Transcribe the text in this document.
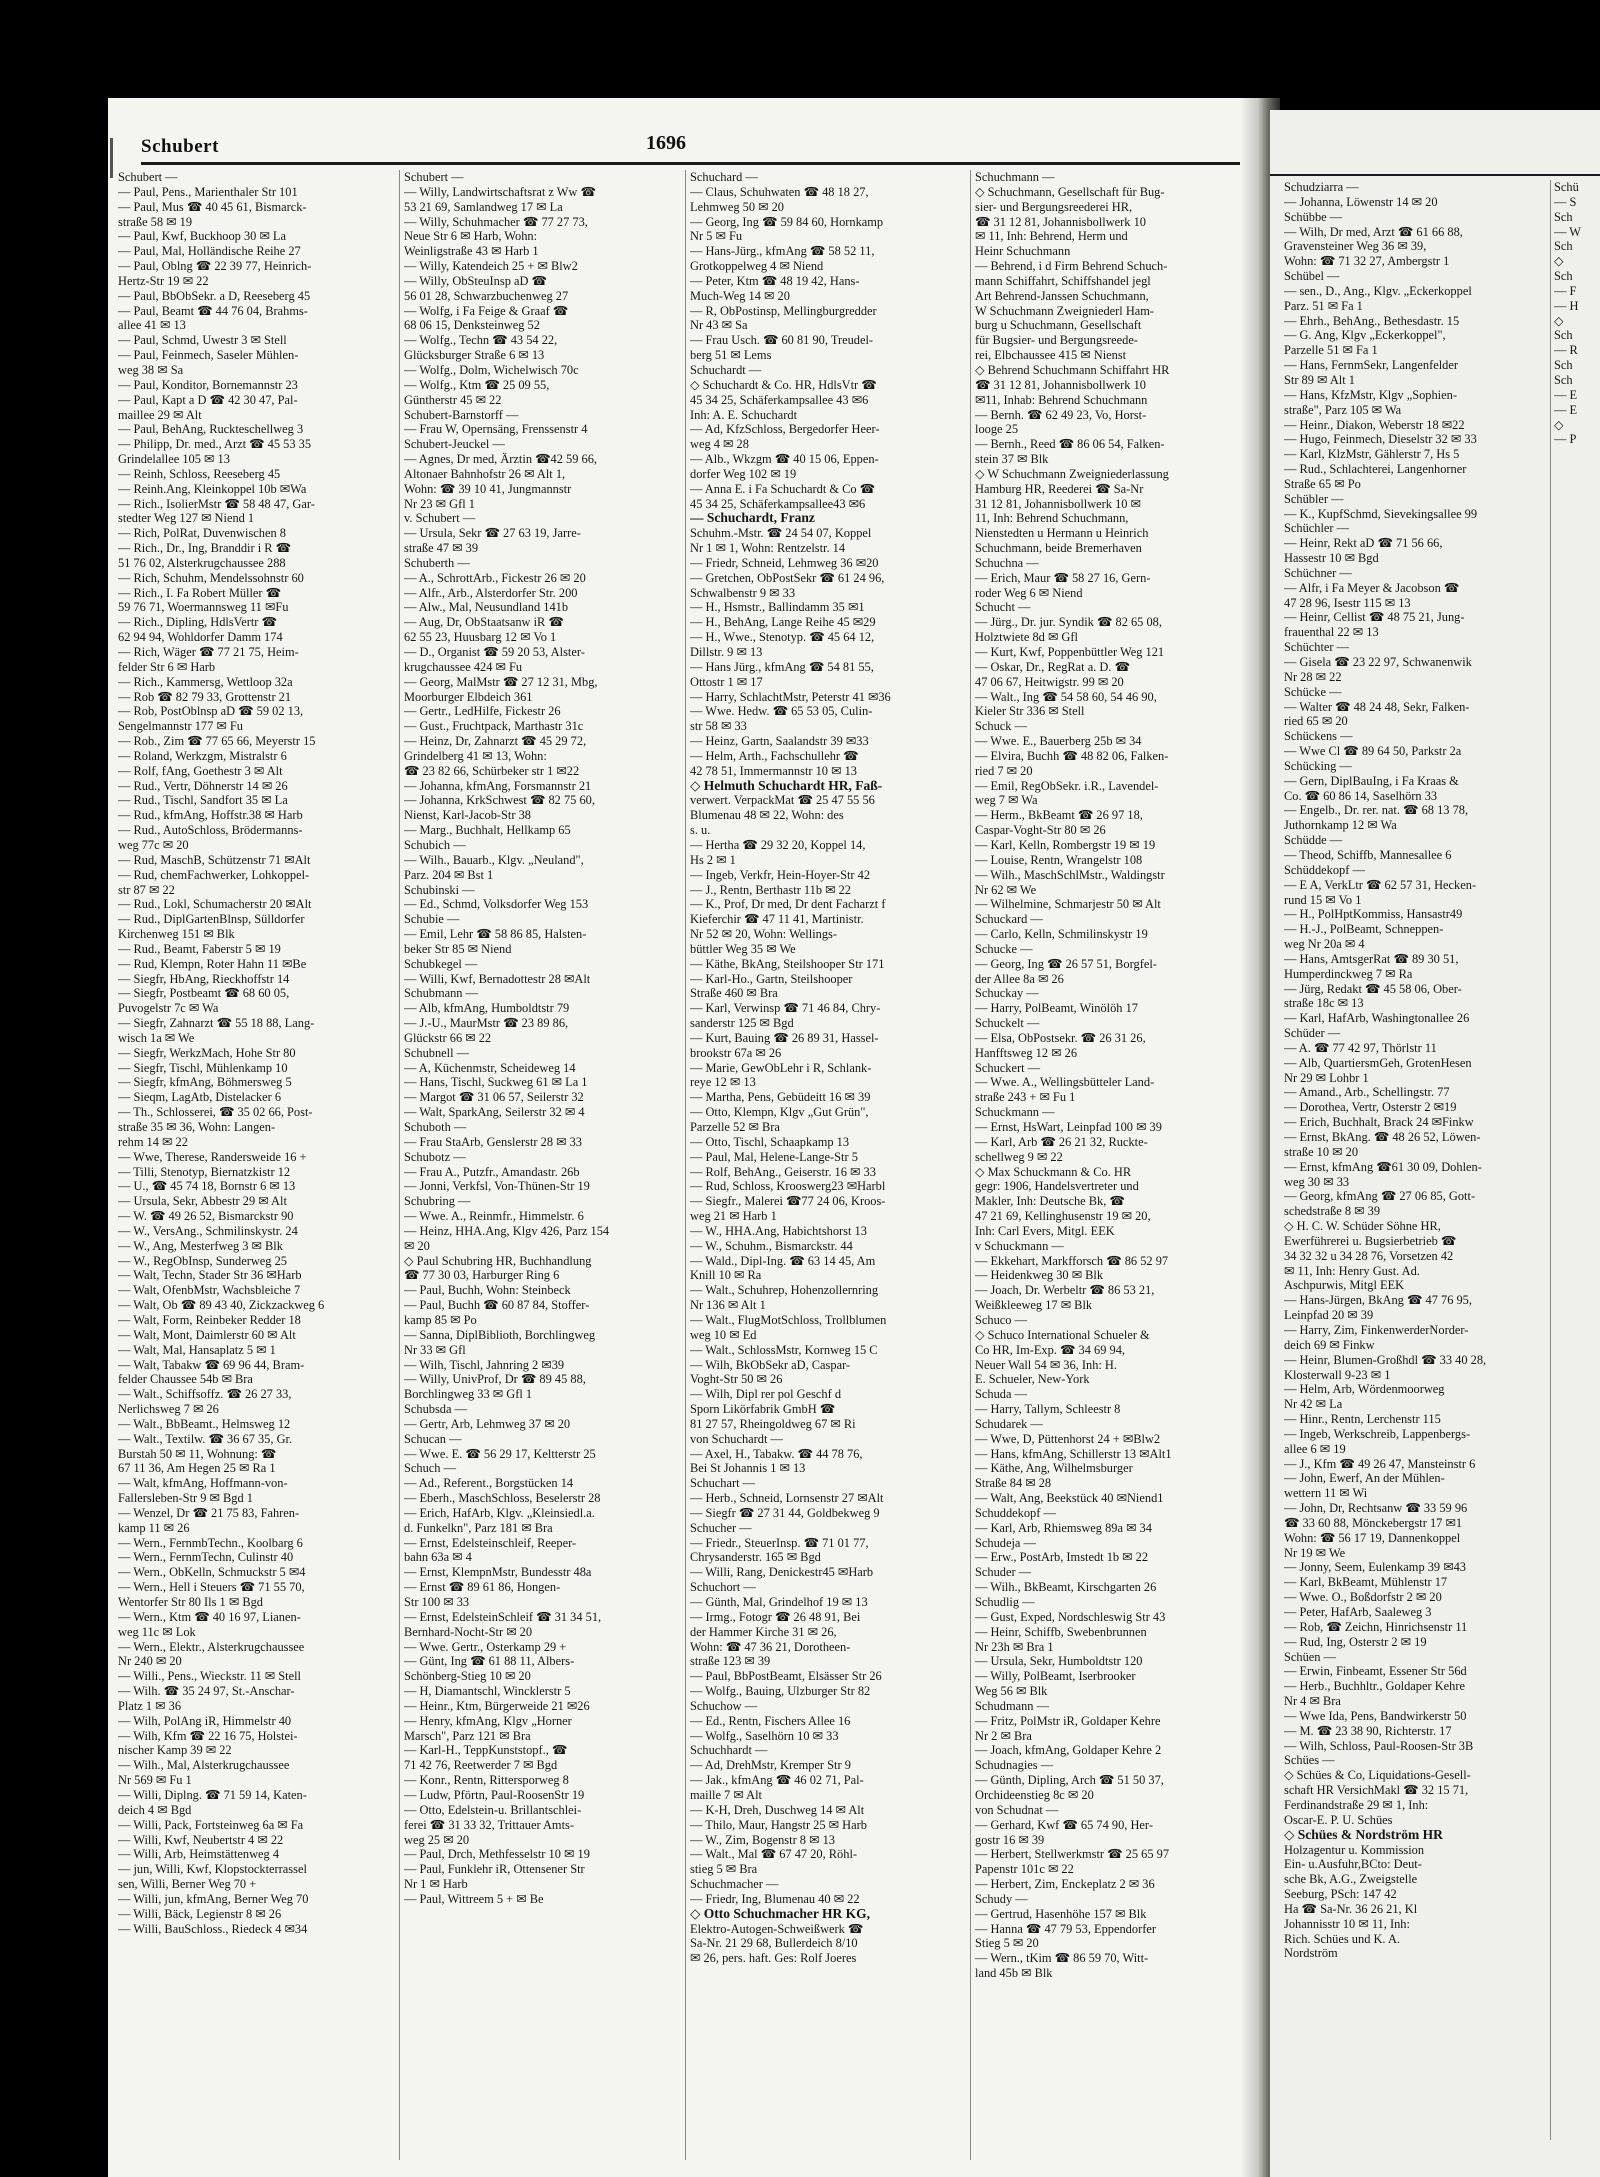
Schubert	1696
Schubert —
— Paul, Pens., Marienthaler Str 101
— Paul, Mus ☎ 40 45 61, Bismarck-
straße 58 ✉ 19
— Paul, Kwf, Buckhoop 30 ✉ La
— Paul, Mal, Holländische Reihe 27
— Paul, Oblng ☎ 22 39 77, Heinrich-
Hertz-Str 19 ✉ 22
— Paul, BbObSekr. a D, Reeseberg 45
— Paul, Beamt ☎ 44 76 04, Brahms-
allee 41 ✉ 13
— Paul, Schmd, Uwestr 3 ✉ Stell
— Paul, Feinmech, Saseler Mühlen-
weg 38 ✉ Sa
— Paul, Konditor, Bornemannstr 23
— Paul, Kapt a D ☎ 42 30 47, Pal-
maillee 29 ✉ Alt
— Paul, BehAng, Ruckteschellweg 3
— Philipp, Dr. med., Arzt ☎ 45 53 35
Grindelallee 105 ✉ 13
— Reinh, Schloss, Reeseberg 45
— Reinh.Ang, Kleinkoppel 10b ✉Wa
— Rich., IsolierMstr ☎ 58 48 47, Gar-
stedter Weg 127 ✉ Niend 1
— Rich, PolRat, Duvenwischen 8
— Rich., Dr., Ing, Branddir i R ☎
51 76 02, Alsterkrugchaussee 288
— Rich, Schuhm, Mendelssohnstr 60
— Rich., I. Fa Robert Müller ☎
59 76 71, Woermannsweg 11 ✉Fu
— Rich., Dipling, HdlsVertr ☎
62 94 94, Wohldorfer Damm 174
— Rich, Wäger ☎ 77 21 75, Heim-
felder Str 6 ✉ Harb
— Rich., Kammersg, Wettloop 32a
— Rob ☎ 82 79 33, Grottenstr 21
— Rob, PostOblnsp aD ☎ 59 02 13,
Sengelmannstr 177 ✉ Fu
— Rob., Zim ☎ 77 65 66, Meyerstr 15
— Roland, Werkzgm, Mistralstr 6
— Rolf, fAng, Goethestr 3 ✉ Alt
— Rud., Vertr, Döhnerstr 14 ✉ 26
— Rud., Tischl, Sandfort 35 ✉ La
— Rud., kfmAng, Hoffstr.38 ✉ Harb
— Rud., AutoSchloss, Brödermanns-
weg 77c ✉ 20
— Rud, MaschB, Schützenstr 71 ✉Alt
— Rud, chemFachwerker, Lohkoppel-
str 87 ✉ 22
— Rud., Lokl, Schumacherstr 20 ✉Alt
— Rud., DiplGartenBlnsp, Sülldorfer
Kirchenweg 151 ✉ Blk
— Rud., Beamt, Faberstr 5 ✉ 19
— Rud, Klempn, Roter Hahn 11 ✉Be
— Siegfr, HbAng, Rieckhoffstr 14
— Siegfr, Postbeamt ☎ 68 60 05,
Puvogelstr 7c ✉ Wa
— Siegfr, Zahnarzt ☎ 55 18 88, Lang-
wisch 1a ✉ We
— Siegfr, WerkzMach, Hohe Str 80
— Siegfr, Tischl, Mühlenkamp 10
— Siegfr, kfmAng, Böhmersweg 5
— Sieqm, LagAtb, Distelacker 6
— Th., Schlosserei, ☎ 35 02 66, Post-
straße 35 ✉ 36, Wohn: Langen-
rehm 14 ✉ 22
— Wwe, Therese, Randersweide 16 +
— Tilli, Stenotyp, Biernatzkistr 12
— U., ☎ 45 74 18, Bornstr 6 ✉ 13
— Ursula, Sekr, Abbestr 29 ✉ Alt
— W. ☎ 49 26 52, Bismarckstr 90
— W., VersAng., Schmilinskystr. 24
— W., Ang, Mesterfweg 3 ✉ Blk
— W., RegObInsp, Sunderweg 25
— Walt, Techn, Stader Str 36 ✉Harb
— Walt, OfenbMstr, Wachsbleiche 7
— Walt, Ob ☎ 89 43 40, Zickzackweg 6
— Walt, Form, Reinbeker Redder 18
— Walt, Mont, Daimlerstr 60 ✉ Alt
— Walt, Mal, Hansaplatz 5 ✉ 1
— Walt, Tabakw ☎ 69 96 44, Bram-
felder Chaussee 54b ✉ Bra
— Walt., Schiffsoffz. ☎ 26 27 33,
Nerlichsweg 7 ✉ 26
— Walt., BbBeamt., Helmsweg 12
— Walt., Textilw. ☎ 36 67 35, Gr.
Burstah 50 ✉ 11, Wohnung: ☎
67 11 36, Am Hegen 25 ✉ Ra 1
— Walt, kfmAng, Hoffmann-von-
Fallersleben-Str 9 ✉ Bgd 1
— Wenzel, Dr ☎ 21 75 83, Fahren-
kamp 11 ✉ 26
— Wern., FernmbTechn., Koolbarg 6
— Wern., FernmTechn, Culinstr 40
— Wern., ObKelln, Schmuckstr 5 ✉4
— Wern., Hell i Steuers ☎ 71 55 70,
Wentorfer Str 80 Ils 1 ✉ Bgd
— Wern., Ktm ☎ 40 16 97, Lianen-
weg 11c ✉ Lok
— Wern., Elektr., Alsterkrugchaussee
Nr 240 ✉ 20
— Willi., Pens., Wieckstr. 11 ✉ Stell
— Wilh. ☎ 35 24 97, St.-Anschar-
Platz 1 ✉ 36
— Wilh, PolAng iR, Himmelstr 40
— Wilh, Kfm ☎ 22 16 75, Holstei-
nischer Kamp 39 ✉ 22
— Wilh., Mal, Alsterkrugchaussee
Nr 569 ✉ Fu 1
— Willi, Diplng. ☎ 71 59 14, Katen-
deich 4 ✉ Bgd
— Willi, Pack, Fortsteinweg 6a ✉ Fa
— Willi, Kwf, Neubertstr 4 ✉ 22
— Willi, Arb, Heimstättenweg 4
— jun, Willi, Kwf, Klopstockterrassel
sen, Willi, Berner Weg 70 +
— Willi, jun, kfmAng, Berner Weg 70
— Willi, Bäck, Legienstr 8 ✉ 26
— Willi, BauSchloss., Riedeck 4 ✉34
Schubert —
— Willy, Landwirtschaftsrat z Ww ☎
53 21 69, Samlandweg 17 ✉ La
— Willy, Schuhmacher ☎ 77 27 73,
Neue Str 6 ✉ Harb, Wohn:
Weinligstraße 43 ✉ Harb 1
— Willy, Katendeich 25 + ✉ Blw2
— Willy, ObSteuInsp aD ☎
56 01 28, Schwarzbuchenweg 27
— Wolfg, i Fa Feige & Graaf ☎
68 06 15, Denksteinweg 52
— Wolfg., Techn ☎ 43 54 22,
Glücksburger Straße 6 ✉ 13
— Wolfg., Dolm, Wichelwisch 70c
— Wolfg., Ktm ☎ 25 09 55,
Güntherstr 45 ✉ 22
Schubert-Barnstorff —
— Frau W, Opernsäng, Frenssenstr 4
Schubert-Jeuckel —
— Agnes, Dr med, Ärztin ☎42 59 66,
Altonaer Bahnhofstr 26 ✉ Alt 1,
Wohn: ☎ 39 10 41, Jungmannstr
Nr 23 ✉ Gfl 1
v. Schubert —
— Ursula, Sekr ☎ 27 63 19, Jarre-
straße 47 ✉ 39
Schuberth —
— A., SchrottArb., Fickestr 26 ✉ 20
— Alfr., Arb., Alsterdorfer Str. 200
— Alw., Mal, Neusundland 141b
— Aug, Dr, ObStaatsanw iR ☎
62 55 23, Huusbarg 12 ✉ Vo 1
— D., Organist ☎ 59 20 53, Alster-
krugchaussee 424 ✉ Fu
— Georg, MalMstr ☎ 27 12 31, Mbg,
Moorburger Elbdeich 361
— Gertr., LedHilfe, Fickestr 26
— Gust., Fruchtpack, Marthastr 31c
— Heinz, Dr, Zahnarzt ☎ 45 29 72,
Grindelberg 41 ✉ 13, Wohn:
☎ 23 82 66, Schürbeker str 1 ✉22
— Johanna, kfmAng, Forsmannstr 21
— Johanna, KrkSchwest ☎ 82 75 60,
Nienst, Karl-Jacob-Str 38
— Marg., Buchhalt, Hellkamp 65
Schubich —
— Wilh., Bauarb., Klgv. „Neuland",
Parz. 204 ✉ Bst 1
Schubinski —
— Ed., Schmd, Volksdorfer Weg 153
Schubie —
— Emil, Lehr ☎ 58 86 85, Halsten-
beker Str 85 ✉ Niend
Schubkegel —
— Willi, Kwf, Bernadottestr 28 ✉Alt
Schubmann —
— Alb, kfmAng, Humboldtstr 79
— J.-U., MaurMstr ☎ 23 89 86,
Glückstr 66 ✉ 22
Schubnell —
— A, Küchenmstr, Scheideweg 14
— Hans, Tischl, Suckweg 61 ✉ La 1
— Margot ☎ 31 06 57, Seilerstr 32
— Walt, SparkAng, Seilerstr 32 ✉ 4
Schuboth —
— Frau StaArb, Genslerstr 28 ✉ 33
Schubotz —
— Frau A., Putzfr., Amandastr. 26b
— Jonni, Verkfsl, Von-Thünen-Str 19
Schubring —
— Wwe. A., Reinmfr., Himmelstr. 6
— Heinz, HHA.Ang, Klgv 426, Parz 154
✉ 20
◇ Paul Schubring HR, Buchhandlung
☎ 77 30 03, Harburger Ring 6
— Paul, Buchh, Wohn: Steinbeck
— Paul, Buchh ☎ 60 87 84, Stoffer-
kamp 85 ✉ Po
— Sanna, DiplBiblioth, Borchlingweg
Nr 33 ✉ Gfl
— Wilh, Tischl, Jahnring 2 ✉39
— Willy, UnivProf, Dr ☎ 89 45 88,
Borchlingweg 33 ✉ Gfl 1
Schubsda —
— Gertr, Arb, Lehmweg 37 ✉ 20
Schucan —
— Wwe. E. ☎ 56 29 17, Keltterstr 25
Schuch —
— Ad., Referent., Borgstücken 14
— Eberh., MaschSchloss, Beselerstr 28
— Erich, HafArb, Klgv. „Kleinsiedl.a.
d. Funkelkn", Parz 181 ✉ Bra
— Ernst, Edelsteinschleif, Reeper-
bahn 63a ✉ 4
— Ernst, KlempnMstr, Bundesstr 48a
— Ernst ☎ 89 61 86, Hongen-
Str 100 ✉ 33
— Ernst, EdelsteinSchleif ☎ 31 34 51,
Bernhard-Nocht-Str ✉ 20
— Wwe. Gertr., Osterkamp 29 +
— Günt, Ing ☎ 61 88 11, Albers-
Schönberg-Stieg 10 ✉ 20
— H, Diamantschl, Wincklerstr 5
— Heinr., Ktm, Bürgerweide 21 ✉26
— Henry, kfmAng, Klgv „Horner
Marsch", Parz 121 ✉ Bra
— Karl-H., TeppKunststopf., ☎
71 42 76, Reetwerder 7 ✉ Bgd
— Konr., Rentn, Rittersporweg 8
— Ludw, Pförtn, Paul-RoosenStr 19
— Otto, Edelstein-u. Brillantschlei-
ferei ☎ 31 33 32, Trittauer Amts-
weg 25 ✉ 20
— Paul, Drch, Methfesselstr 10 ✉ 19
— Paul, Funklehr iR, Ottensener Str
Nr 1 ✉ Harb
— Paul, Wittreem 5 + ✉ Be
Schuchard —
— Claus, Schuhwaten ☎ 48 18 27,
Lehmweg 50 ✉ 20
— Georg, Ing ☎ 59 84 60, Hornkamp
Nr 5 ✉ Fu
— Hans-Jürg., kfmAng ☎ 58 52 11,
Grotkoppelweg 4 ✉ Niend
— Peter, Ktm ☎ 48 19 42, Hans-
Much-Weg 14 ✉ 20
— R, ObPostinsp, Mellingburgredder
Nr 43 ✉ Sa
— Frau Usch. ☎ 60 81 90, Treudel-
berg 51 ✉ Lems
Schuchardt —
◇ Schuchardt & Co. HR, HdlsVtr ☎
45 34 25, Schäferkampsallee 43 ✉6
Inh: A. E. Schuchardt
— Ad, KfzSchloss, Bergedorfer Heer-
weg 4 ✉ 28
— Alb., Wkzgm ☎ 40 15 06, Eppen-
dorfer Weg 102 ✉ 19
— Anna E. i Fa Schuchardt & Co ☎
45 34 25, Schäferkampsallee43 ✉6
— Schuchardt, Franz
Schuhm.-Mstr. ☎ 24 54 07, Koppel
Nr 1 ✉ 1, Wohn: Rentzelstr. 14
— Friedr, Schneid, Lehmweg 36 ✉20
— Gretchen, ObPostSekr ☎ 61 24 96,
Schwalbenstr 9 ✉ 33
— H., Hsmstr., Ballindamm 35 ✉1
— H., BehAng, Lange Reihe 45 ✉29
— H., Wwe., Stenotyp. ☎ 45 64 12,
Dillstr. 9 ✉ 13
— Hans Jürg., kfmAng ☎ 54 81 55,
Ottostr 1 ✉ 17
— Harry, SchlachtMstr, Peterstr 41 ✉36
— Wwe. Hedw. ☎ 65 53 05, Culin-
str 58 ✉ 33
— Heinz, Gartn, Saalandstr 39 ✉33
— Helm, Arth., Fachschullehr ☎
42 78 51, Immermannstr 10 ✉ 13
◇ Helmuth Schuchardt HR, Faß-
verwert. VerpackMat ☎ 25 47 55 56
Blumenau 48 ✉ 22, Wohn: des
s. u.
— Hertha ☎ 29 32 20, Koppel 14,
Hs 2 ✉ 1
— Ingeb, Verkfr, Hein-Hoyer-Str 42
— J., Rentn, Berthastr 11b ✉ 22
— K., Prof, Dr med, Dr dent Facharzt f
Kieferchir ☎ 47 11 41, Martinistr.
Nr 52 ✉ 20, Wohn: Wellings-
büttler Weg 35 ✉ We
— Käthe, BkAng, Steilshooper Str 171
— Karl-Ho., Gartn, Steilshooper
Straße 460 ✉ Bra
— Karl, Verwinsp ☎ 71 46 84, Chry-
sanderstr 125 ✉ Bgd
— Kurt, Bauing ☎ 26 89 31, Hassel-
brookstr 67a ✉ 26
— Marie, GewObLehr i R, Schlank-
reye 12 ✉ 13
— Martha, Pens, Gebüdeitt 16 ✉ 39
— Otto, Klempn, Klgv „Gut Grün",
Parzelle 52 ✉ Bra
— Otto, Tischl, Schaapkamp 13
— Paul, Mal, Helene-Lange-Str 5
— Rolf, BehAng., Geiserstr. 16 ✉ 33
— Rud, Schloss, Krooswerg23 ✉Harbl
— Siegfr., Malerei ☎77 24 06, Kroos-
weg 21 ✉ Harb 1
— W., HHA.Ang, Habichtshorst 13
— W., Schuhm., Bismarckstr. 44
— Wald., Dipl-Ing. ☎ 63 14 45, Am
Knill 10 ✉ Ra
— Walt., Schuhrep, Hohenzollernring
Nr 136 ✉ Alt 1
— Walt., FlugMotSchloss, Trollblumen
weg 10 ✉ Ed
— Walt., SchlossMstr, Kornweg 15 C
— Wilh, BkObSekr aD, Caspar-
Voght-Str 50 ✉ 26
— Wilh, Dipl rer pol Geschf d
Sporn Likörfabrik GmbH ☎
81 27 57, Rheingoldweg 67 ✉ Ri
von Schuchardt —
— Axel, H., Tabakw. ☎ 44 78 76,
Bei St Johannis 1 ✉ 13
Schuchart —
— Herb., Schneid, Lornsenstr 27 ✉Alt
— Siegfr ☎ 27 31 44, Goldbekweg 9
Schucher —
— Friedr., SteuerInsp. ☎ 71 01 77,
Chrysanderstr. 165 ✉ Bgd
— Willi, Rang, Denickestr45 ✉Harb
Schuchort —
— Günth, Mal, Grindelhof 19 ✉ 13
— Irmg., Fotogr ☎ 26 48 91, Bei
der Hammer Kirche 31 ✉ 26,
Wohn: ☎ 47 36 21, Dorotheen-
straße 123 ✉ 39
— Paul, BbPostBeamt, Elsässer Str 26
— Wolfg., Bauing, Ulzburger Str 82
Schuchow —
— Ed., Rentn, Fischers Allee 16
— Wolfg., Saselhörn 10 ✉ 33
Schuchhardt —
— Ad, DrehMstr, Kremper Str 9
— Jak., kfmAng ☎ 46 02 71, Pal-
maille 7 ✉ Alt
— K-H, Dreh, Duschweg 14 ✉ Alt
— Thilo, Maur, Hangstr 25 ✉ Harb
— W., Zim, Bogenstr 8 ✉ 13
— Walt., Mal ☎ 67 47 20, Röhl-
stieg 5 ✉ Bra
Schuchmacher —
— Friedr, Ing, Blumenau 40 ✉ 22
◇ Otto Schuchmacher HR KG,
Elektro-Autogen-Schweißwerk ☎
Sa-Nr. 21 29 68, Bullerdeich 8/10
✉ 26, pers. haft. Ges: Rolf Joeres
Schuchmann —
◇ Schuchmann, Gesellschaft für Bug-
sier- und Bergungsreederei HR,
☎ 31 12 81, Johannisbollwerk 10
✉ 11, Inh: Behrend, Herm und
Heinr Schuchmann
— Behrend, i d Firm Behrend Schuch-
mann Schiffahrt, Schiffshandel jegl
Art Behrend-Janssen Schuchmann,
W Schuchmann Zweigniederl Ham-
burg u Schuchmann, Gesellschaft
für Bugsier- und Bergungsreede-
rei, Elbchaussee 415 ✉ Nienst
◇ Behrend Schuchmann Schiffahrt HR
☎ 31 12 81, Johannisbollwerk 10
✉11, Inhab: Behrend Schuchmann
— Bernh. ☎ 62 49 23, Vo, Horst-
looge 25
— Bernh., Reed ☎ 86 06 54, Falken-
stein 37 ✉ Blk
◇ W Schuchmann Zweigniederlassung
Hamburg HR, Reederei ☎ Sa-Nr
31 12 81, Johannisbollwerk 10 ✉
11, Inh: Behrend Schuchmann,
Nienstedten u Hermann u Heinrich
Schuchmann, beide Bremerhaven
Schuchna —
— Erich, Maur ☎ 58 27 16, Gern-
roder Weg 6 ✉ Niend
Schucht —
— Jürg., Dr. jur. Syndik ☎ 82 65 08,
Holztwiete 8d ✉ Gfl
— Kurt, Kwf, Poppenbüttler Weg 121
— Oskar, Dr., RegRat a. D. ☎
47 06 67, Heitwigstr. 99 ✉ 20
— Walt., Ing ☎ 54 58 60, 54 46 90,
Kieler Str 336 ✉ Stell
Schuck —
— Wwe. E., Bauerberg 25b ✉ 34
— Elvira, Buchh ☎ 48 82 06, Falken-
ried 7 ✉ 20
— Emil, RegObSekr. i.R., Lavendel-
weg 7 ✉ Wa
— Herm., BkBeamt ☎ 26 97 18,
Caspar-Voght-Str 80 ✉ 26
— Karl, Kelln, Rombergstr 19 ✉ 19
— Louise, Rentn, Wrangelstr 108
— Wilh., MaschSchlMstr., Waldingstr
Nr 62 ✉ We
— Wilhelmine, Schmarjestr 50 ✉ Alt
Schuckard —
— Carlo, Kelln, Schmilinskystr 19
Schucke —
— Georg, Ing ☎ 26 57 51, Borgfel-
der Allee 8a ✉ 26
Schuckay —
— Harry, PolBeamt, Winölöh 17
Schuckelt —
— Elsa, ObPostsekr. ☎ 26 31 26,
Hanfftsweg 12 ✉ 26
Schuckert —
— Wwe. A., Wellingsbütteler Land-
straße 243 + ✉ Fu 1
Schuckmann —
— Ernst, HsWart, Leinpfad 100 ✉ 39
— Karl, Arb ☎ 26 21 32, Ruckte-
schellweg 9 ✉ 22
◇ Max Schuckmann & Co. HR
gegr: 1906, Handelsvertreter und
Makler, Inh: Deutsche Bk, ☎
47 21 69, Kellinghusenstr 19 ✉ 20,
Inh: Carl Evers, Mitgl. EEK
v Schuckmann —
— Ekkehart, Markfforsch ☎ 86 52 97
— Heidenkweg 30 ✉ Blk
— Joach, Dr. Werbeltr ☎ 86 53 21,
Weißkleeweg 17 ✉ Blk
Schuco —
◇ Schuco International Schueler &
Co HR, Im-Exp. ☎ 34 69 94,
Neuer Wall 54 ✉ 36, Inh: H.
E. Schueler, New-York
Schuda —
— Harry, Tallym, Schleestr 8
Schudarek —
— Wwe, D, Püttenhorst 24 + ✉Blw2
— Hans, kfmAng, Schillerstr 13 ✉Alt1
— Käthe, Ang, Wilhelmsburger
Straße 84 ✉ 28
— Walt, Ang, Beekstück 40 ✉Niend1
Schuddekopf —
— Karl, Arb, Rhiemsweg 89a ✉ 34
Schudeja —
— Erw., PostArb, Imstedt 1b ✉ 22
Schuder —
— Wilh., BkBeamt, Kirschgarten 26
Schudlig —
— Gust, Exped, Nordschleswig Str 43
— Heinr, Schiffb, Swebenbrunnen
Nr 23h ✉ Bra 1
— Ursula, Sekr, Humboldtstr 120
— Willy, PolBeamt, Iserbrooker
Weg 56 ✉ Blk
Schudmann —
— Fritz, PolMstr iR, Goldaper Kehre
Nr 2 ✉ Bra
— Joach, kfmAng, Goldaper Kehre 2
Schudnagies —
— Günth, Dipling, Arch ☎ 51 50 37,
Orchideenstieg 8c ✉ 20
von Schudnat —
— Gerhard, Kwf ☎ 65 74 90, Her-
gostr 16 ✉ 39
— Herbert, Stellwerkmstr ☎ 25 65 97
Papenstr 101c ✉ 22
— Herbert, Zim, Enckeplatz 2 ✉ 36
Schudy —
— Gertrud, Hasenhöhe 157 ✉ Blk
— Hanna ☎ 47 79 53, Eppendorfer
Stieg 5 ✉ 20
— Wern., tKim ☎ 86 59 70, Witt-
land 45b ✉ Blk
Schudziarra —
— Johanna, Löwenstr 14 ✉ 20
Schübbe —
— Wilh, Dr med, Arzt ☎ 61 66 88,
Gravensteiner Weg 36 ✉ 39,
Wohn: ☎ 71 32 27, Ambergstr 1
Schübel —
— sen., D., Ang., Klgv. „Eckerkoppel
Parz. 51 ✉ Fa 1
— Ehrh., BehAng., Bethesdastr. 15
— G. Ang, Klgv „Eckerkoppel",
Parzelle 51 ✉ Fa 1
— Hans, FernmSekr, Langenfelder
Str 89 ✉ Alt 1
— Hans, KfzMstr, Klgv „Sophien-
straße", Parz 105 ✉ Wa
— Heinr., Diakon, Weberstr 18 ✉22
— Hugo, Feinmech, Dieselstr 32 ✉ 33
— Karl, KlzMstr, Gählerstr 7, Hs 5
— Rud., Schlachterei, Langenhorner
Straße 65 ✉ Po
Schübler —
— K., KupfSchmd, Sievekingsallee 99
Schüchler —
— Heinr, Rekt aD ☎ 71 56 66,
Hassestr 10 ✉ Bgd
Schüchner —
— Alfr, i Fa Meyer & Jacobson ☎
47 28 96, Isestr 115 ✉ 13
— Heinr, Cellist ☎ 48 75 21, Jung-
frauenthal 22 ✉ 13
Schüchter —
— Gisela ☎ 23 22 97, Schwanenwik
Nr 28 ✉ 22
Schücke —
— Walter ☎ 48 24 48, Sekr, Falken-
ried 65 ✉ 20
Schückens —
— Wwe Cl ☎ 89 64 50, Parkstr 2a
Schücking —
— Gern, DiplBauIng, i Fa Kraas &
Co. ☎ 60 86 14, Saselhörn 33
— Engelb., Dr. rer. nat. ☎ 68 13 78,
Juthornkamp 12 ✉ Wa
Schüdde —
— Theod, Schiffb, Mannesallee 6
Schüddekopf —
— E A, VerkLtr ☎ 62 57 31, Hecken-
rund 15 ✉ Vo 1
— H., PolHptKommiss, Hansastr49
— H.-J., PolBeamt, Schneppen-
weg Nr 20a ✉ 4
— Hans, AmtsgerRat ☎ 89 30 51,
Humperdinckweg 7 ✉ Ra
— Jürg, Redakt ☎ 45 58 06, Ober-
straße 18c ✉ 13
— Karl, HafArb, Washingtonallee 26
Schüder —
— A. ☎ 77 42 97, Thörlstr 11
— Alb, QuartiersmGeh, GrotenHesen
Nr 29 ✉ Lohbr 1
— Amand., Arb., Schellingstr. 77
— Dorothea, Vertr, Osterstr 2 ✉19
— Erich, Buchhalt, Brack 24 ✉Finkw
— Ernst, BkAng. ☎ 48 26 52, Löwen-
straße 10 ✉ 20
— Ernst, kfmAng ☎61 30 09, Dohlen-
weg 30 ✉ 33
— Georg, kfmAng ☎ 27 06 85, Gott-
schedstraße 8 ✉ 39
◇ H. C. W. Schüder Söhne HR,
Ewerführerei u. Bugsierbetrieb ☎
34 32 32 u 34 28 76, Vorsetzen 42
✉ 11, Inh: Henry Gust. Ad.
Aschpurwis, Mitgl EEK
— Hans-Jürgen, BkAng ☎ 47 76 95,
Leinpfad 20 ✉ 39
— Harry, Zim, FinkenwerderNorder-
deich 69 ✉ Finkw
— Heinr, Blumen-Großhdl ☎ 33 40 28,
Klosterwall 9-23 ✉ 1
— Helm, Arb, Wördenmoorweg
Nr 42 ✉ La
— Hinr., Rentn, Lerchenstr 115
— Ingeb, Werkschreib, Lappenbergs-
allee 6 ✉ 19
— J., Kfm ☎ 49 26 47, Mansteinstr 6
— John, Ewerf, An der Mühlen-
wettern 11 ✉ Wi
— John, Dr, Rechtsanw ☎ 33 59 96
☎ 33 60 88, Mönckebergstr 17 ✉1
Wohn: ☎ 56 17 19, Dannenkoppel
Nr 19 ✉ We
— Jonny, Seem, Eulenkamp 39 ✉43
— Karl, BkBeamt, Mühlenstr 17
— Wwe. O., Boßdorfstr 2 ✉ 20
— Peter, HafArb, Saaleweg 3
— Rob, ☎ Zeichn, Hinrichsenstr 11
— Rud, Ing, Osterstr 2 ✉ 19
Schüen —
— Erwin, Finbeamt, Essener Str 56d
— Herb., Buchhltr., Goldaper Kehre
Nr 4 ✉ Bra
— Wwe Ida, Pens, Bandwirkerstr 50
— M. ☎ 23 38 90, Richterstr. 17
— Wilh, Schloss, Paul-Roosen-Str 3B
Schües —
◇ Schües & Co, Liquidations-Gesell-
schaft HR VersichMakl ☎ 32 15 71,
Ferdinandstraße 29 ✉ 1, Inh:
Oscar-E. P. U. Schües
◇ Schües & Nordström HR
Holzagentur u. Kommission
Ein- u.Ausfuhr,BCto: Deut-
sche Bk, A.G., Zweigstelle
Seeburg, PSch: 147 42
Ha ☎ Sa-Nr. 36 26 21, Kl
Johannisstr 10 ✉ 11, Inh:
Rich. Schües und K. A.
Nordström
Schü
— S
Sch
— W
Sch
◇
Sch
— F
— H
◇
Sch
— R
Sch
Sch
— E
— E
◇
— P
